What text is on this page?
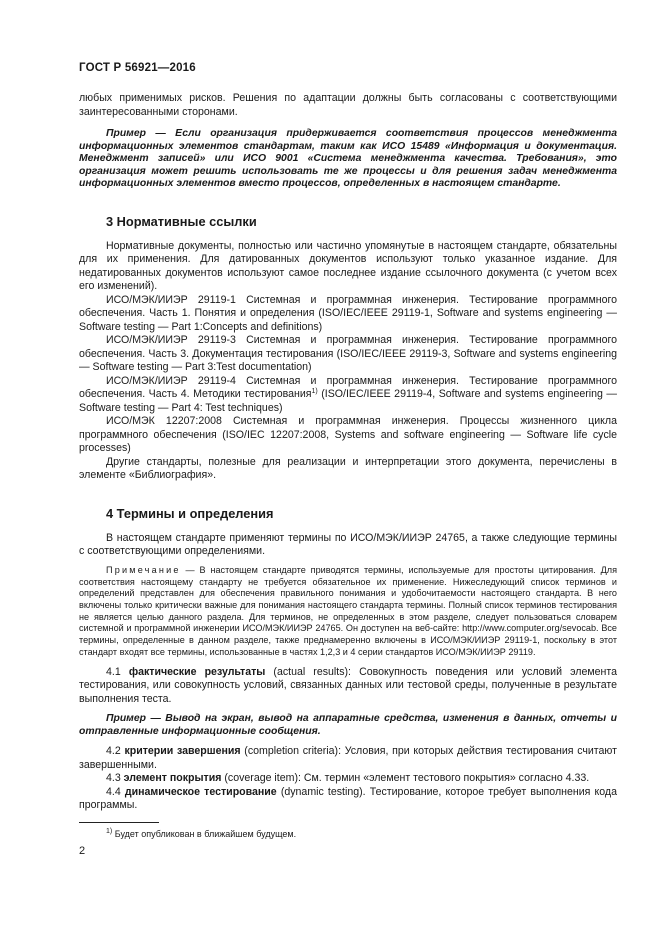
ГОСТ Р 56921—2016

любых применимых рисков. Решения по адаптации должны быть согласованы с соответствующими заинтересованными сторонами.

Пример — Если организация придерживается соответствия процессов менеджмента информационных элементов стандартам, таким как ИСО 15489 «Информация и документация. Менеджмент записей» или ИСО 9001 «Система менеджмента качества. Требования», это организация может решить использовать те же процессы и для решения задач менеджмента информационных элементов вместо процессов, определенных в настоящем стандарте.

3 Нормативные ссылки

Нормативные документы, полностью или частично упомянутые в настоящем стандарте, обязательны для их применения. Для датированных документов используют только указанное издание. Для недатированных документов используют самое последнее издание ссылочного документа (с учетом всех его изменений).

ИСО/МЭК/ИИЭР 29119-1 Системная и программная инженерия. Тестирование программного обеспечения. Часть 1. Понятия и определения (ISO/IEC/IEEE 29119-1, Software and systems engineering — Software testing — Part 1:Concepts and definitions)

ИСО/МЭК/ИИЭР 29119-3 Системная и программная инженерия. Тестирование программного обеспечения. Часть 3. Документация тестирования (ISO/IEC/IEEE 29119-3, Software and systems engineering — Software testing — Part 3:Test documentation)

ИСО/МЭК/ИИЭР 29119-4 Системная и программная инженерия. Тестирование программного обеспечения. Часть 4. Методики тестирования$^{1)}$ (ISO/IEC/IEEE 29119-4, Software and systems engineering — Software testing — Part 4: Test techniques)

ИСО/МЭК 12207:2008 Системная и программная инженерия. Процессы жизненного цикла программного обеспечения (ISO/IEC 12207:2008, Systems and software engineering — Software life cycle processes)

Другие стандарты, полезные для реализации и интерпретации этого документа, перечислены в элементе «Библиография».

4 Термины и определения

В настоящем стандарте применяют термины по ИСО/МЭК/ИИЭР 24765, а также следующие термины с соответствующими определениями.

Примечание — В настоящем стандарте приводятся термины, используемые для простоты цитирования. Для соответствия настоящему стандарту не требуется обязательное их применение. Нижеследующий список терминов и определений представлен для обеспечения правильного понимания и удобочитаемости настоящего стандарта. В него включены только критически важные для понимания настоящего стандарта термины. Полный список терминов тестирования не является целью данного раздела. Для терминов, не определенных в этом разделе, следует пользоваться словарем системной и программной инженерии ИСО/МЭК/ИИЭР 24765. Он доступен на веб-сайте: http://www.computer.org/sevocab. Все термины, определенные в данном разделе, также преднамеренно включены в ИСО/МЭК/ИИЭР 29119-1, поскольку в этот стандарт входят все термины, использованные в частях 1,2,3 и 4 серии стандартов ИСО/МЭК/ИИЭР 29119.

4.1 фактические результаты (actual results): Совокупность поведения или условий элемента тестирования, или совокупность условий, связанных данных или тестовой среды, полученные в результате выполнения теста.

Пример — Вывод на экран, вывод на аппаратные средства, изменения в данных, отчеты и отправленные информационные сообщения.

4.2 критерии завершения (completion criteria): Условия, при которых действия тестирования считают завершенными.

4.3 элемент покрытия (coverage item): См. термин «элемент тестового покрытия» согласно 4.33.

4.4 динамическое тестирование (dynamic testing). Тестирование, которое требует выполнения кода программы.

$^{1)}$ Будет опубликован в ближайшем будущем.
2
